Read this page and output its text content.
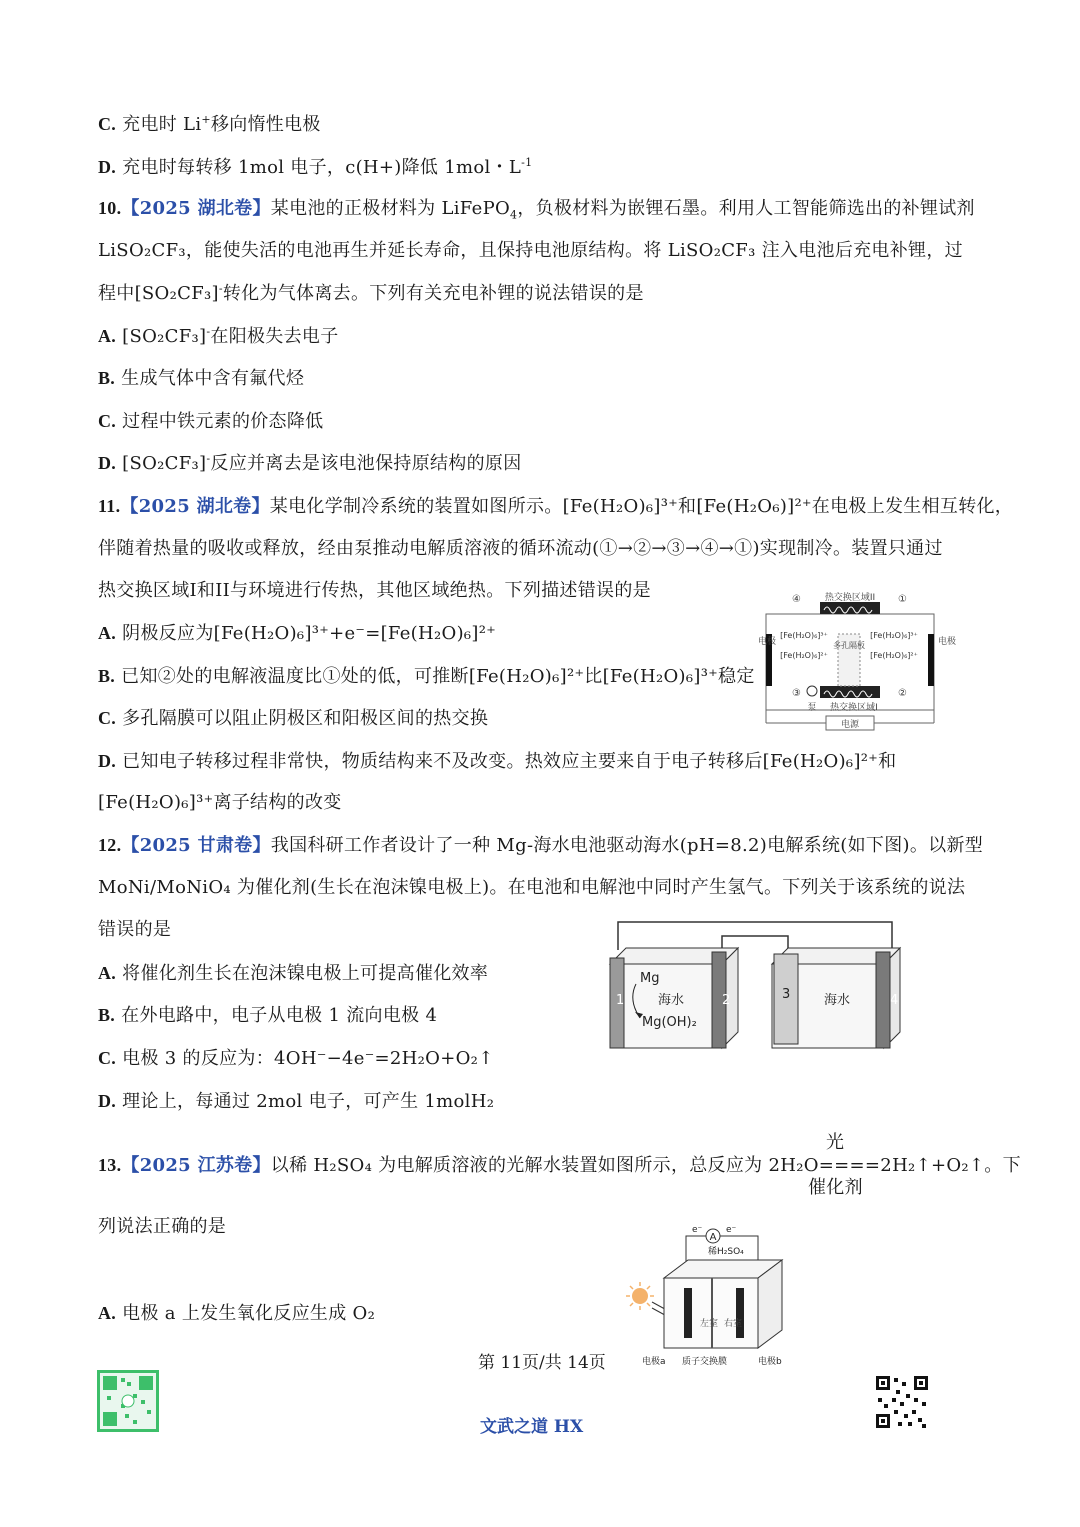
C. 充电时 Li+移向惰性电极
D. 充电时每转移 1mol 电子，c(H+)降低 1mol・$L^{-1}$
10.【2025 湖北卷】某电池的正极材料为 LiFePO$_4$，负极材料为嵌锂石墨。利用人工智能筛选出的补锂试剂
LiSO₂CF₃，能使失活的电池再生并延长寿命，且保持电池原结构。将 LiSO₂CF₃ 注入电池后充电补锂，过
程中[SO₂CF₃]-转化为气体离去。下列有关充电补锂的说法错误的是
A. [SO₂CF₃]-在阳极失去电子
B. 生成气体中含有氟代烃
C. 过程中铁元素的价态降低
D. [SO₂CF₃]-反应并离去是该电池保持原结构的原因
11.【2025 湖北卷】某电化学制冷系统的装置如图所示。[Fe(H₂O)₆]³⁺和[Fe(H₂O₆)]²⁺在电极上发生相互转化，
伴随着热量的吸收或释放，经由泵推动电解质溶液的循环流动(①→②→③→④→①)实现制冷。装置只通过
热交换区域I和II与环境进行传热，其他区域绝热。下列描述错误的是
A. 阴极反应为[Fe(H₂O)₆]³⁺+e⁻=[Fe(H₂O)₆]²⁺
B. 已知②处的电解液温度比①处的低，可推断[Fe(H₂O)₆]²⁺比[Fe(H₂O)₆]³⁺稳定
C. 多孔隔膜可以阻止阴极区和阳极区间的热交换
D. 已知电子转移过程非常快，物质结构来不及改变。热效应主要来自于电子转移后[Fe(H₂O)₆]²⁺和
[Fe(H₂O)₆]³⁺离子结构的改变
热交换区域II
热交换区域I
电极	电极
多孔隔板
[Fe(H₂O)₆]³⁺
[Fe(H₂O)₆]²⁺
[Fe(H₂O)₆]³⁺
[Fe(H₂O)₆]²⁺
④	①
②
③
泵
电源
12.【2025 甘肃卷】我国科研工作者设计了一种 Mg-海水电池驱动海水(pH=8.2)电解系统(如下图)。以新型
MoNi/MoNiO₄ 为催化剂(生长在泡沫镍电极上)。在电池和电解池中同时产生氢气。下列关于该系统的说法
错误的是
A. 将催化剂生长在泡沫镍电极上可提高催化效率
B. 在外电路中，电子从电极 1 流向电极 4
C. 电极 3 的反应为：4OH⁻−4e⁻=2H₂O+O₂↑
D. 理论上，每通过 2mol 电子，可产生 1molH₂
1	2	3	4
Mg
海水
Mg(OH)₂
海水
光
13.【2025 江苏卷】以稀 H₂SO₄ 为电解质溶液的光解水装置如图所示，总反应为 2H₂O====2H₂↑+O₂↑。下
催化剂
列说法正确的是
A. 电极 a 上发生氧化反应生成 O₂
A
e⁻	e⁻
稀H₂SO₄
左室 右室
电极a 质子交换膜	电极b
第 11页/共 14页
文武之道 HX
